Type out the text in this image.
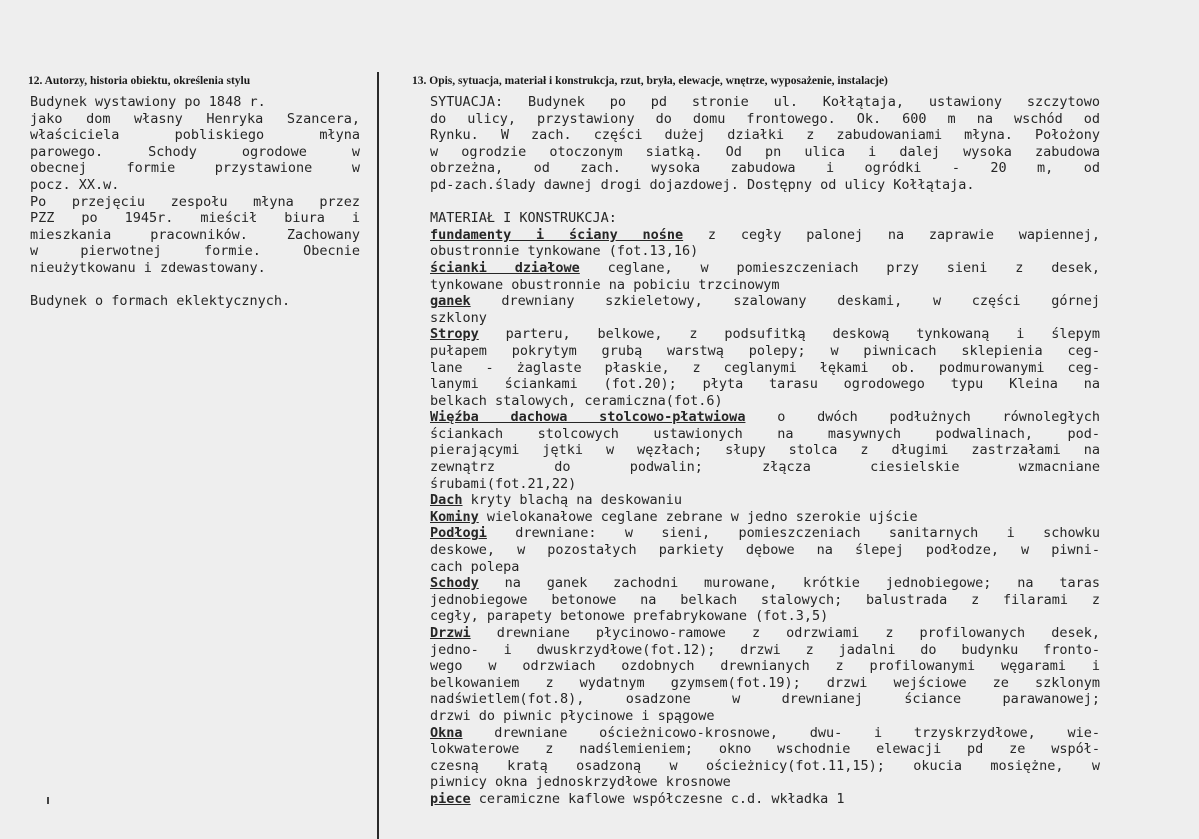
12. Autorzy, historia obiektu, określenia stylu	13. Opis, sytuacja, materiał i konstrukcja, rzut, bryła, elewacje, wnętrze, wyposażenie, instalacje)
Budynek wystawiony po 1848 r.
jako dom własny Henryka Szancera,
właściciela pobliskiego młyna
parowego. Schody ogrodowe w
obecnej formie przystawione w
pocz. XX.w.
Po przejęciu zespołu młyna przez
PZZ po 1945r. mieścił biura i
mieszkania pracowników. Zachowany
w pierwotnej formie. Obecnie
nieużytkowanu i zdewastowany.
Budynek o formach eklektycznych.
SYTUACJA: Budynek po pd stronie ul. Kołłątaja, ustawiony szczytowo
do ulicy, przystawiony do domu frontowego. Ok. 600 m na wschód od
Rynku. W zach. części dużej działki z zabudowaniami młyna. Położony
w ogrodzie otoczonym siatką. Od pn ulica i dalej wysoka zabudowa
obrzeżna, od zach. wysoka zabudowa i ogródki - 20 m, od
pd-zach.ślady dawnej drogi dojazdowej. Dostępny od ulicy Kołłątaja.
MATERIAŁ I KONSTRUKCJA:
fundamenty i ściany nośne z cegły palonej na zaprawie wapiennej,
obustronnie tynkowane (fot.13,16)
ścianki działowe ceglane, w pomieszczeniach przy sieni z desek,
tynkowane obustronnie na pobiciu trzcinowym
ganek drewniany szkieletowy, szalowany deskami, w części górnej
szklony
Stropy parteru, belkowe, z podsufitką deskową tynkowaną i ślepym
pułapem pokrytym grubą warstwą polepy; w piwnicach sklepienia ceg-
lane - żaglaste płaskie, z ceglanymi łękami ob. podmurowanymi ceg-
lanymi ściankami (fot.20); płyta tarasu ogrodowego typu Kleina na
belkach stalowych, ceramiczna(fot.6)
Więźba dachowa stolcowo-płatwiowa o dwóch podłużnych równoległych
ściankach stolcowych ustawionych na masywnych podwalinach, pod-
pierającymi jętki w węzłach; słupy stolca z długimi zastrzałami na
zewnątrz do podwalin; złącza ciesielskie wzmacniane
śrubami(fot.21,22)
Dach kryty blachą na deskowaniu
Kominy wielokanałowe ceglane zebrane w jedno szerokie ujście
Podłogi drewniane: w sieni, pomieszczeniach sanitarnych i schowku
deskowe, w pozostałych parkiety dębowe na ślepej podłodze, w piwni-
cach polepa
Schody na ganek zachodni murowane, krótkie jednobiegowe; na taras
jednobiegowe betonowe na belkach stalowych; balustrada z filarami z
cegły, parapety betonowe prefabrykowane (fot.3,5)
Drzwi drewniane płycinowo-ramowe z odrzwiami z profilowanych desek,
jedno- i dwuskrzydłowe(fot.12); drzwi z jadalni do budynku fronto-
wego w odrzwiach ozdobnych drewnianych z profilowanymi węgarami i
belkowaniem z wydatnym gzymsem(fot.19); drzwi wejściowe ze szklonym
nadświetlem(fot.8), osadzone w drewnianej ściance parawanowej;
drzwi do piwnic płycinowe i spągowe
Okna drewniane ościeżnicowo-krosnowe, dwu- i trzyskrzydłowe, wie-
lokwaterowe z nadślemieniem; okno wschodnie elewacji pd ze współ-
czesną kratą osadzoną w ościeżnicy(fot.11,15); okucia mosiężne, w
piwnicy okna jednoskrzydłowe krosnowe
piece ceramiczne kaflowe współczesne c.d. wkładka 1
